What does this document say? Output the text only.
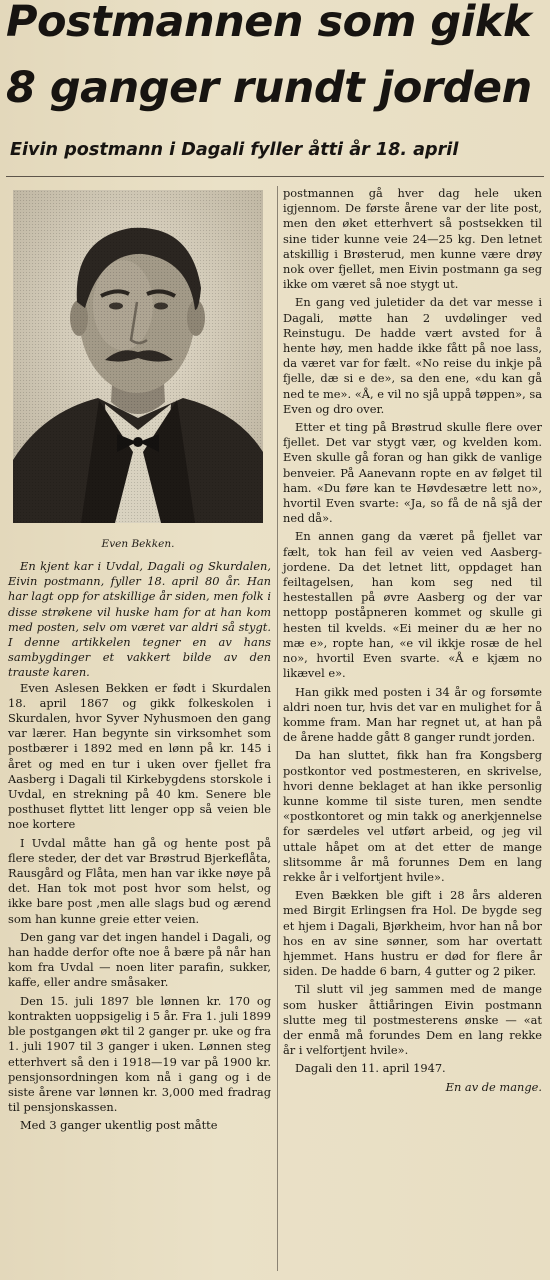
Postmannen som gikk
8 ganger rundt jorden
Eivin postmann i Dagali fyller åtti år 18. april
Even Bekken.

En kjent kar i Uvdal, Dagali og Skurdalen, Eivin postmann, fyller 18. april 80 år. Han har lagt opp for atskillige år siden, men folk i disse strøkene vil huske ham for at han kom med posten, selv om været var aldri så stygt. I denne artikkelen tegner en av hans sambygdinger et vakkert bilde av den trauste karen.

Even Aslesen Bekken er født i Skurdalen 18. april 1867 og gikk folkeskolen i Skurdalen, hvor Syver Nyhusmoen den gang var lærer. Han begynte sin virksomhet som postbærer i 1892 med en lønn på kr. 145 i året og med en tur i uken over fjellet fra Aasberg i Dagali til Kirkebygdens storskole i Uvdal, en strekning på 40 km. Senere ble posthuset flyttet litt lenger opp så veien ble noe kortere

I Uvdal måtte han gå og hente post på flere steder, der det var Brøstrud Bjerkeflåta, Rausgård og Flåta, men han var ikke nøye på det. Han tok mot post hvor som helst, og ikke bare post ,men alle slags bud og ærend som han kunne greie etter veien.

Den gang var det ingen handel i Dagali, og han hadde derfor ofte noe å bære på når han kom fra Uvdal — noen liter parafin, sukker, kaffe, eller andre småsaker.

Den 15. juli 1897 ble lønnen kr. 170 og kontrakten uoppsigelig i 5 år. Fra 1. juli 1899 ble postgangen økt til 2 ganger pr. uke og fra 1. juli 1907 til 3 ganger i uken. Lønnen steg etterhvert så den i 1918—19 var på 1900 kr. pensjonsordningen kom nå i gang og i de siste årene var lønnen kr. 3,000 med fradrag til pensjonskassen.

Med 3 ganger ukentlig post måtte

postmannen gå hver dag hele uken igjennom. De første årene var der lite post, men den øket etterhvert så postsekken til sine tider kunne veie 24—25 kg. Den letnet atskillig i Brøsterud, men kunne være drøy nok over fjellet, men Eivin postmann ga seg ikke om været så noe stygt ut.

En gang ved juletider da det var messe i Dagali, møtte han 2 uvdølinger ved Reinstugu. De hadde vært avsted for å hente høy, men hadde ikke fått på noe lass, da været var for fælt. «No reise du inkje på fjelle, dæ si e de», sa den ene, «du kan gå ned te me». «Å, e vil no sjå uppå tøppen», sa Even og dro over.

Etter et ting på Brøstrud skulle flere over fjellet. Det var stygt vær, og kvelden kom. Even skulle gå foran og han gikk de vanlige benveier. På Aanevann ropte en av følget til ham. «Du føre kan te Høvdesætre lett no», hvortil Even svarte: «Ja, so få de nå sjå der ned då».

En annen gang da været på fjellet var fælt, tok han feil av veien ved Aasberg-jordene. Da det letnet litt, oppdaget han feiltagelsen, han kom seg ned til hestestallen på øvre Aasberg og der var nettopp poståpneren kommet og skulle gi hesten til kvelds. «Ei meiner du æ her no mæ e», ropte han, «e vil ikkje rosæ de hel no», hvortil Even svarte. «Å e kjæm no likævel e».

Han gikk med posten i 34 år og forsømte aldri noen tur, hvis det var en mulighet for å komme fram. Man har regnet ut, at han på de årene hadde gått 8 ganger rundt jorden.

Da han sluttet, fikk han fra Kongsberg postkontor ved postmesteren, en skrivelse, hvori denne beklaget at han ikke personlig kunne komme til siste turen, men sendte «postkontoret og min takk og anerkjennelse for særdeles vel utført arbeid, og jeg vil uttale håpet om at det etter de mange slitsomme år må forunnes Dem en lang rekke år i velfortjent hvile».

Even Bækken ble gift i 28 års alderen med Birgit Erlingsen fra Hol. De bygde seg et hjem i Dagali, Bjørkheim, hvor han nå bor hos en av sine sønner, som har overtatt hjemmet. Hans hustru er død for flere år siden. De hadde 6 barn, 4 gutter og 2 piker.

Til slutt vil jeg sammen med de mange som husker åttiåringen Eivin postmann slutte meg til postmesterens ønske — «at der enmå må forundes Dem en lang rekke år i velfortjent hvile».

Dagali den 11. april 1947.

En av de mange.
